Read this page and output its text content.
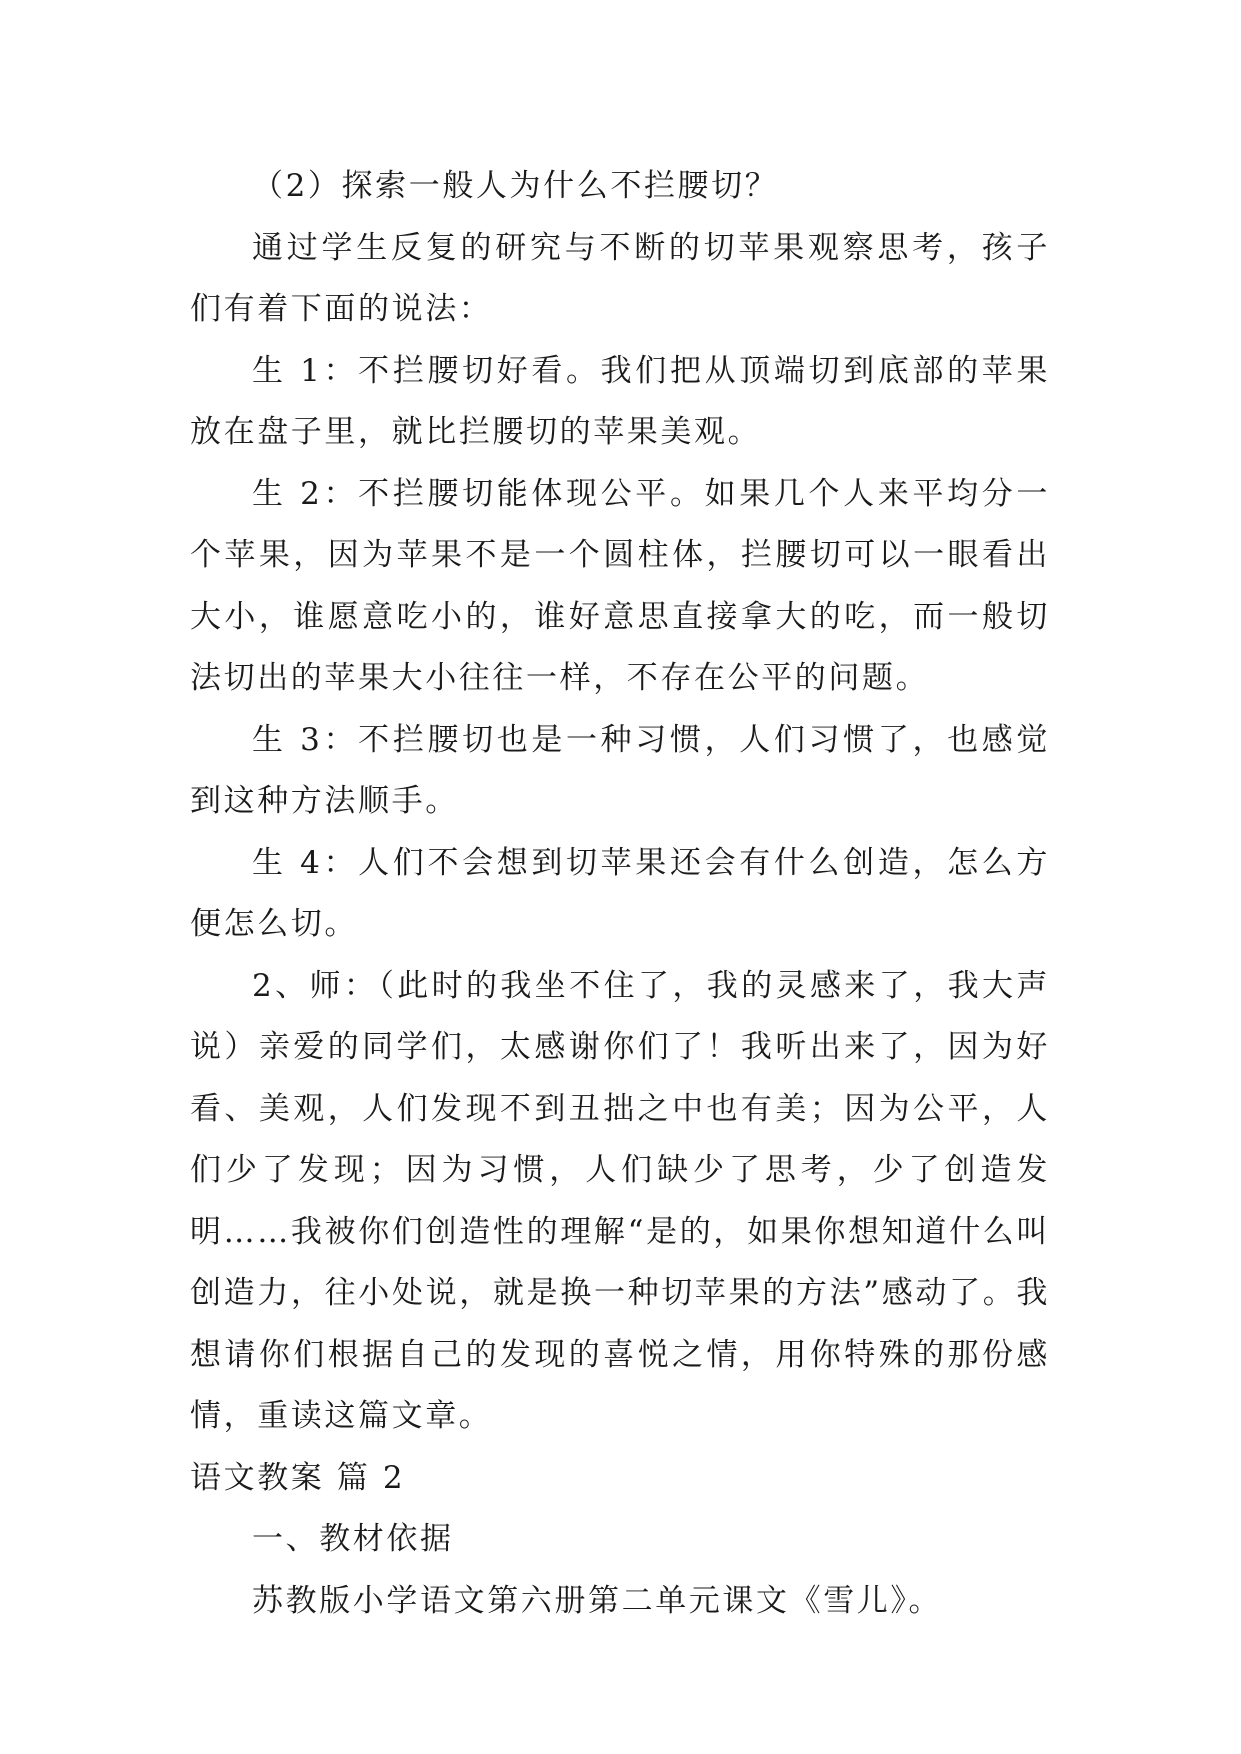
（2）探索一般人为什么不拦腰切？

通过学生反复的研究与不断的切苹果观察思考，孩子们有着下面的说法：

生 1：不拦腰切好看。我们把从顶端切到底部的苹果放在盘子里，就比拦腰切的苹果美观。

生 2：不拦腰切能体现公平。如果几个人来平均分一个苹果，因为苹果不是一个圆柱体，拦腰切可以一眼看出大小，谁愿意吃小的，谁好意思直接拿大的吃，而一般切法切出的苹果大小往往一样，不存在公平的问题。

生 3：不拦腰切也是一种习惯，人们习惯了，也感觉到这种方法顺手。

生 4：人们不会想到切苹果还会有什么创造，怎么方便怎么切。

2、师：（此时的我坐不住了，我的灵感来了，我大声说）亲爱的同学们，太感谢你们了！我听出来了，因为好看、美观，人们发现不到丑拙之中也有美；因为公平，人们少了发现；因为习惯，人们缺少了思考，少了创造发明……我被你们创造性的理解“是的，如果你想知道什么叫创造力，往小处说，就是换一种切苹果的方法”感动了。我想请你们根据自己的发现的喜悦之情，用你特殊的那份感情，重读这篇文章。

语文教案 篇 2

一、教材依据

苏教版小学语文第六册第二单元课文《雪儿》。
